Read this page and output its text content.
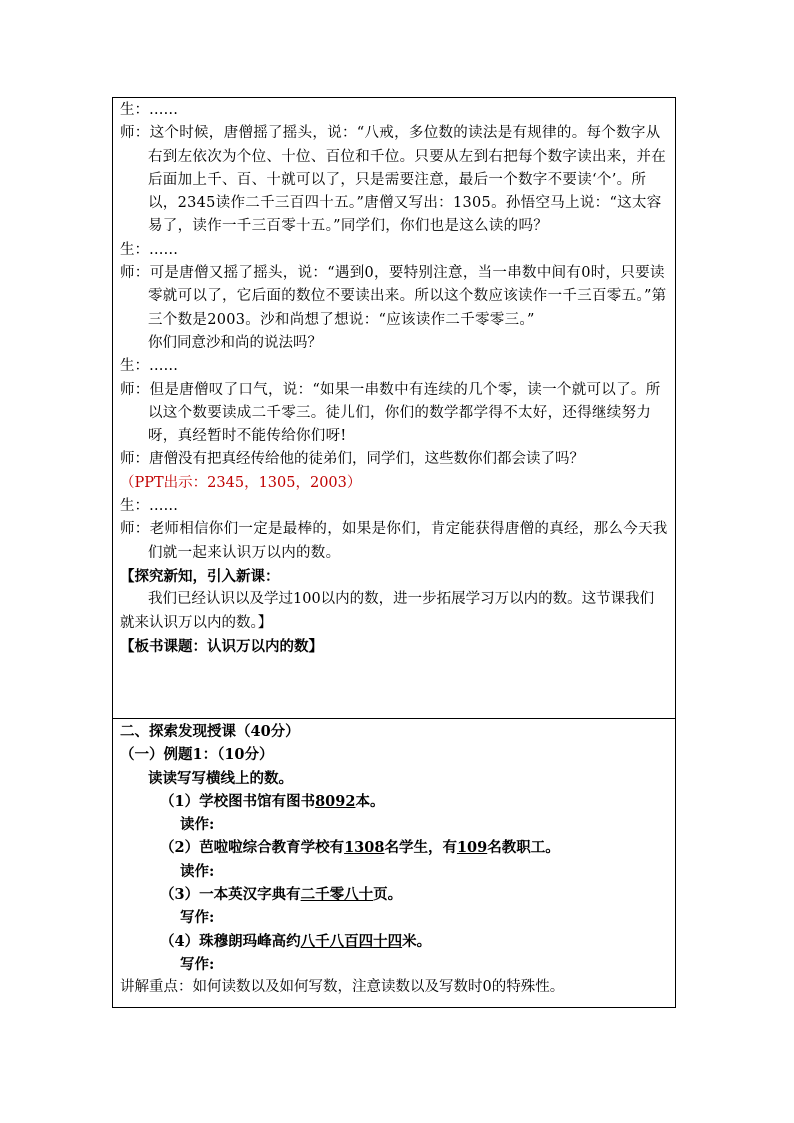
生：……

师：这个时候，唐僧摇了摇头，说：“八戒，多位数的读法是有规律的。每个数字从右到左依次为个位、十位、百位和千位。只要从左到右把每个数字读出来，并在后面加上千、百、十就可以了，只是需要注意，最后一个数字不要读‘个’。所以，2345读作二千三百四十五。”唐僧又写出：1305。孙悟空马上说：“这太容易了，读作一千三百零十五。”同学们，你们也是这么读的吗？

生：……

师：可是唐僧又摇了摇头，说：“遇到0，要特别注意，当一串数中间有0时，只要读零就可以了，它后面的数位不要读出来。所以这个数应该读作一千三百零五。”第三个数是2003。沙和尚想了想说：“应该读作二千零零三。”

你们同意沙和尚的说法吗？

生：……

师：但是唐僧叹了口气，说：“如果一串数中有连续的几个零，读一个就可以了。所以这个数要读成二千零三。徒儿们，你们的数学都学得不太好，还得继续努力呀，真经暂时不能传给你们呀!

师：唐僧没有把真经传给他的徒弟们，同学们，这些数你们都会读了吗？

（PPT出示：2345，1305，2003）

生：……

师：老师相信你们一定是最棒的，如果是你们，肯定能获得唐僧的真经，那么今天我们就一起来认识万以内的数。

【探究新知，引入新课：

我们已经认识以及学过100以内的数，进一步拓展学习万以内的数。这节课我们就来认识万以内的数。】

【板书课题：认识万以内的数】

二、探索发现授课（40分）

（一）例题1：（10分）

读读写写横线上的数。

（1）学校图书馆有图书8092本。

读作:

（2）芭啦啦综合教育学校有1308名学生，有109名教职工。

读作:

（3）一本英汉字典有二千零八十页。

写作:

（4）珠穆朗玛峰高约八千八百四十四米。

写作:

讲解重点：如何读数以及如何写数，注意读数以及写数时0的特殊性。
